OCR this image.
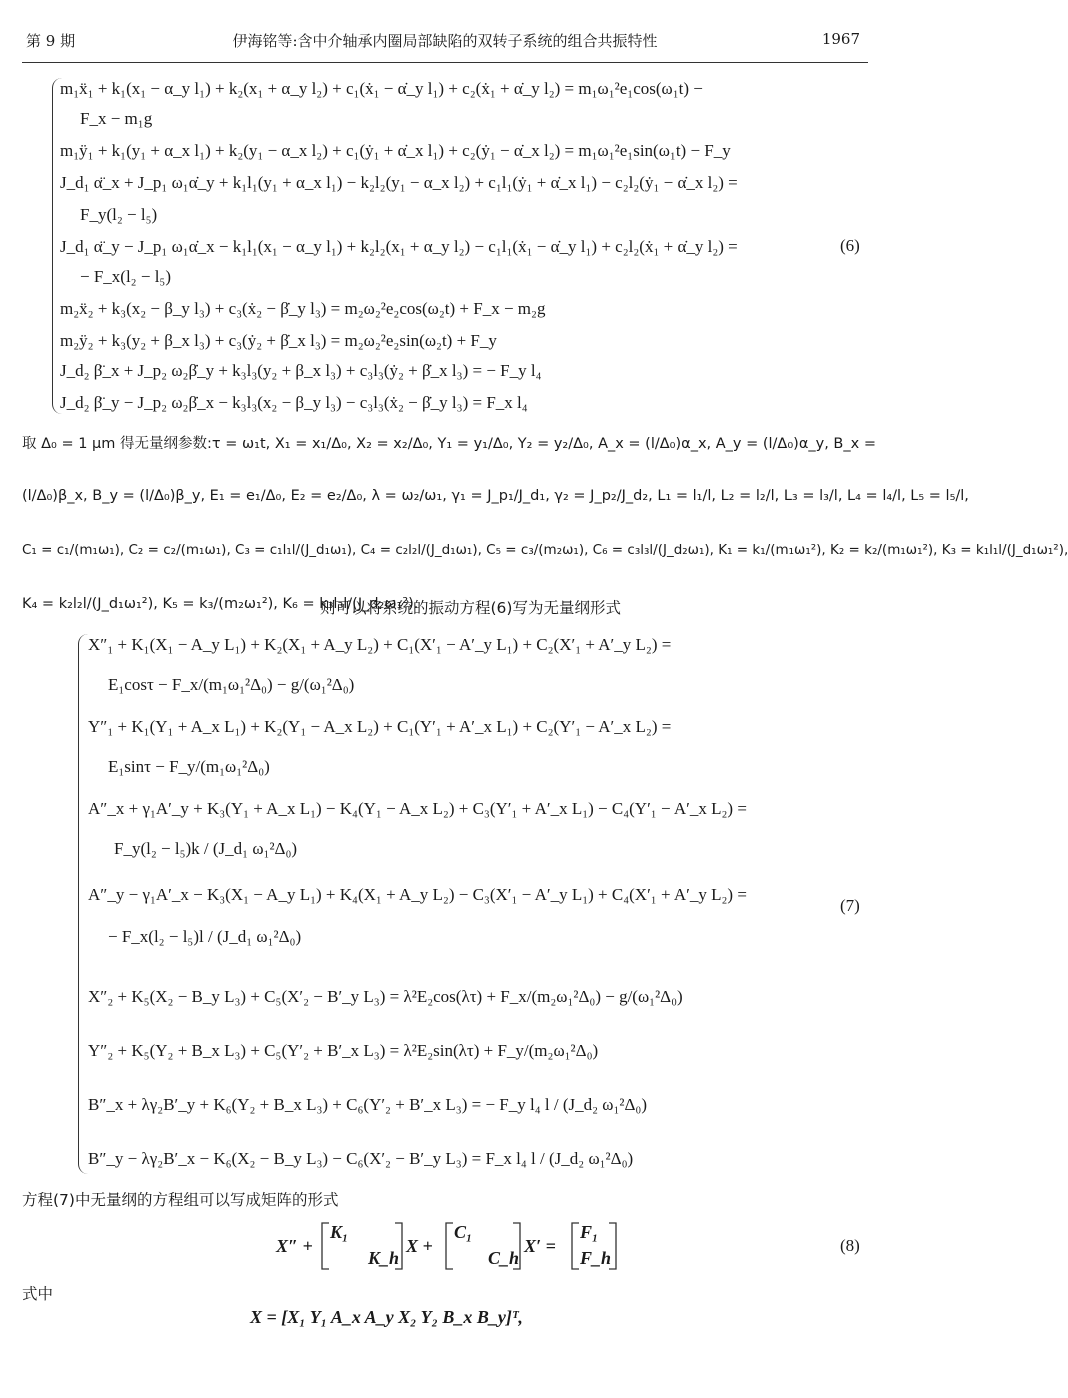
第 9 期	伊海铭等:含中介轴承内圈局部缺陷的双转子系统的组合共振特性	1967
m₁ẍ₁ + k₁(x₁ − α_y l₁) + k₂(x₁ + α_y l₂) + c₁(ẋ₁ − α̇_y l₁) + c₂(ẋ₁ + α̇_y l₂) = m₁ω₁²e₁cos(ω₁t) −
F_x − m₁g
m₁ÿ₁ + k₁(y₁ + α_x l₁) + k₂(y₁ − α_x l₂) + c₁(ẏ₁ + α̇_x l₁) + c₂(ẏ₁ − α̇_x l₂) = m₁ω₁²e₁sin(ω₁t) − F_y
J_d₁ α̈_x + J_p₁ ω₁α̇_y + k₁l₁(y₁ + α_x l₁) − k₂l₂(y₁ − α_x l₂) + c₁l₁(ẏ₁ + α̇_x l₁) − c₂l₂(ẏ₁ − α̇_x l₂) =
F_y(l₂ − l₅)
J_d₁ α̈_y − J_p₁ ω₁α̇_x − k₁l₁(x₁ − α_y l₁) + k₂l₂(x₁ + α_y l₂) − c₁l₁(ẋ₁ − α̇_y l₁) + c₂l₂(ẋ₁ + α̇_y l₂) =
− F_x(l₂ − l₅)
m₂ẍ₂ + k₃(x₂ − β_y l₃) + c₃(ẋ₂ − β̇_y l₃) = m₂ω₂²e₂cos(ω₂t) + F_x − m₂g
m₂ÿ₂ + k₃(y₂ + β_x l₃) + c₃(ẏ₂ + β̇_x l₃) = m₂ω₂²e₂sin(ω₂t) + F_y
J_d₂ β̈_x + J_p₂ ω₂β̇_y + k₃l₃(y₂ + β_x l₃) + c₃l₃(ẏ₂ + β̇_x l₃) = − F_y l₄
J_d₂ β̈_y − J_p₂ ω₂β̇_x − k₃l₃(x₂ − β_y l₃) − c₃l₃(ẋ₂ − β̇_y l₃) = F_x l₄
(6)
取 Δ₀ = 1 μm 得无量纲参数:τ = ω₁t, X₁ = x₁/Δ₀, X₂ = x₂/Δ₀, Y₁ = y₁/Δ₀, Y₂ = y₂/Δ₀, A_x = (l/Δ₀)α_x, A_y = (l/Δ₀)α_y, B_x =
(l/Δ₀)β_x, B_y = (l/Δ₀)β_y, E₁ = e₁/Δ₀, E₂ = e₂/Δ₀, λ = ω₂/ω₁, γ₁ = J_p₁/J_d₁, γ₂ = J_p₂/J_d₂, L₁ = l₁/l, L₂ = l₂/l, L₃ = l₃/l, L₄ = l₄/l, L₅ = l₅/l,
C₁ = c₁/(m₁ω₁), C₂ = c₂/(m₁ω₁), C₃ = c₁l₁l/(J_d₁ω₁), C₄ = c₂l₂l/(J_d₁ω₁), C₅ = c₃/(m₂ω₁), C₆ = c₃l₃l/(J_d₂ω₁), K₁ = k₁/(m₁ω₁²), K₂ = k₂/(m₁ω₁²), K₃ = k₁l₁l/(J_d₁ω₁²),
K₄ = k₂l₂l/(J_d₁ω₁²), K₅ = k₃/(m₂ω₁²), K₆ = k₃l₃l/(J_d₂ω₁²).
则可以将系统的振动方程(6)写为无量纲形式
X″₁ + K₁(X₁ − A_y L₁) + K₂(X₁ + A_y L₂) + C₁(X′₁ − A′_y L₁) + C₂(X′₁ + A′_y L₂) =
E₁cosτ − F_x/(m₁ω₁²Δ₀) − g/(ω₁²Δ₀)
Y″₁ + K₁(Y₁ + A_x L₁) + K₂(Y₁ − A_x L₂) + C₁(Y′₁ + A′_x L₁) + C₂(Y′₁ − A′_x L₂) =
E₁sinτ − F_y/(m₁ω₁²Δ₀)
A″_x + γ₁A′_y + K₃(Y₁ + A_x L₁) − K₄(Y₁ − A_x L₂) + C₃(Y′₁ + A′_x L₁) − C₄(Y′₁ − A′_x L₂) =
F_y(l₂ − l₅)k / (J_d₁ ω₁²Δ₀)
A″_y − γ₁A′_x − K₃(X₁ − A_y L₁) + K₄(X₁ + A_y L₂) − C₃(X′₁ − A′_y L₁) + C₄(X′₁ + A′_y L₂) =
− F_x(l₂ − l₅)l / (J_d₁ ω₁²Δ₀)
X″₂ + K₅(X₂ − B_y L₃) + C₅(X′₂ − B′_y L₃) = λ²E₂cos(λτ) + F_x/(m₂ω₁²Δ₀) − g/(ω₁²Δ₀)
Y″₂ + K₅(Y₂ + B_x L₃) + C₅(Y′₂ + B′_x L₃) = λ²E₂sin(λτ) + F_y/(m₂ω₁²Δ₀)
B″_x + λγ₂B′_y + K₆(Y₂ + B_x L₃) + C₆(Y′₂ + B′_x L₃) = − F_y l₄ l / (J_d₂ ω₁²Δ₀)
B″_y − λγ₂B′_x − K₆(X₂ − B_y L₃) − C₆(X′₂ − B′_y L₃) = F_x l₄ l / (J_d₂ ω₁²Δ₀)
(7)
方程(7)中无量纲的方程组可以写成矩阵的形式
X″ +
K₁
K_h
X +
C₁
C_h
X′ =
F₁
F_h
(8)
式中
X = [X₁ Y₁ A_x A_y X₂ Y₂ B_x B_y]ᵀ,
